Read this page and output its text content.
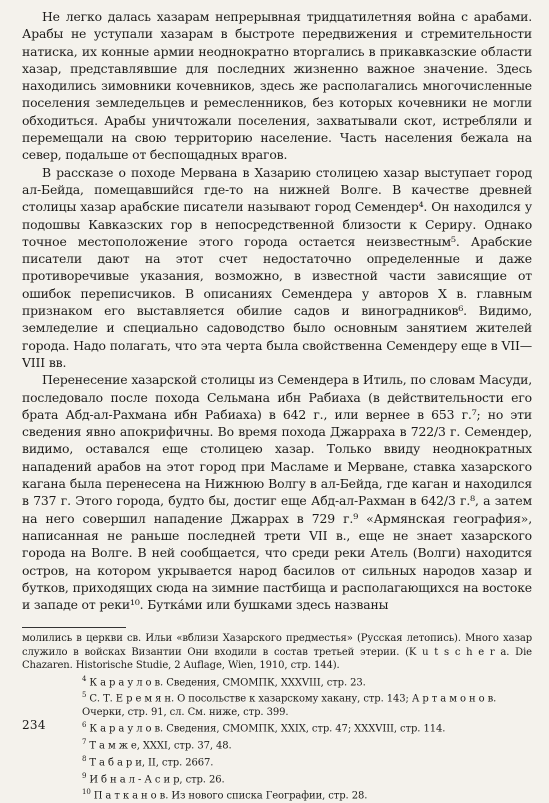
Не легко далась хазарам непрерывная тридцатилетняя война с арабами. Арабы не уступали хазарам в быстроте передвижения и стремительности натиска, их конные армии неоднократно вторгались в прикавказские области хазар, представлявшие для последних жизненно важное значение. Здесь находились зимовники кочевников, здесь же располагались многочисленные поселения земледельцев и ремесленников, без которых кочевники не могли обходиться. Арабы уничтожали поселения, захватывали скот, истребляли и перемещали на свою территорию население. Часть населения бежала на север, подальше от беспощадных врагов.

В рассказе о походе Мервана в Хазарию столицею хазар выступает город ал-Бейда, помещавшийся где-то на нижней Волге. В качестве древней столицы хазар арабские писатели называют город Семендер⁴. Он находился у подошвы Кавказских гор в непосредственной близости к Сериру. Однако точное местоположение этого города остается неизвестным⁵. Арабские писатели дают на этот счет недостаточно определенные и даже противоречивые указания, возможно, в известной части зависящие от ошибок переписчиков. В описаниях Семендера у авторов X в. главным признаком его выставляется обилие садов и виноградников⁶. Видимо, земледелие и специально садоводство было основным занятием жителей города. Надо полагать, что эта черта была свойственна Семендеру еще в VII—VIII вв.

Перенесение хазарской столицы из Семендера в Итиль, по словам Масуди, последовало после похода Сельмана ибн Рабиаха (в действительности его брата Абд-ал-Рахмана ибн Рабиаха) в 642 г., или вернее в 653 г.⁷; но эти сведения явно апокрифичны. Во время похода Джарраха в 722/3 г. Семендер, видимо, оставался еще столицею хазар. Только ввиду неоднократных нападений арабов на этот город при Масламе и Мерване, ставка хазарского кагана была перенесена на Нижнюю Волгу в ал-Бейда, где каган и находился в 737 г. Этого города, будто бы, достиг еще Абд-ал-Рахман в 642/3 г.⁸, а затем на него совершил нападение Джаррах в 729 г.⁹ «Армянская география», написанная не раньше последней трети VII в., еще не знает хазарского города на Волге. В ней сообщается, что среди реки Атель (Волги) находится остров, на котором укрывается народ басилов от сильных народов хазар и бутков, приходящих сюда на зимние пастбища и располагающихся на востоке и западе от реки¹⁰. Буткáми или бушками здесь названы

молились в церкви св. Ильи «вблизи Хазарского предместья» (Русская летопись). Много хазар служило в войсках Византии Они входили в состав третьей этерии. (K u t s c h e r a. Die Chazaren. Historische Studie, 2 Auflage, Wien, 1910, стр. 144).

$^4$ К а р а у л о в. Сведения, СМОМПК, XXXVIII, стр. 23.

$^5$ С. Т. Е р е м я н. О посольстве к хазарскому хакану, стр. 143; А р т а м о н о в. Очерки, стр. 91, сл. См. ниже, стр. 399.

$^6$ К а р а у л о в. Сведения, СМОМПК, XXIX, стр. 47; XXXVIII, стр. 114.

$^7$ Т а м ж е, XXXI, стр. 37, 48.

$^8$ Т а б а р и, II, стр. 2667.

$^9$ И б н а л - А с и р, стр. 26.

$^{10}$ П а т к а н о в. Из нового списка Географии, стр. 28.

234
